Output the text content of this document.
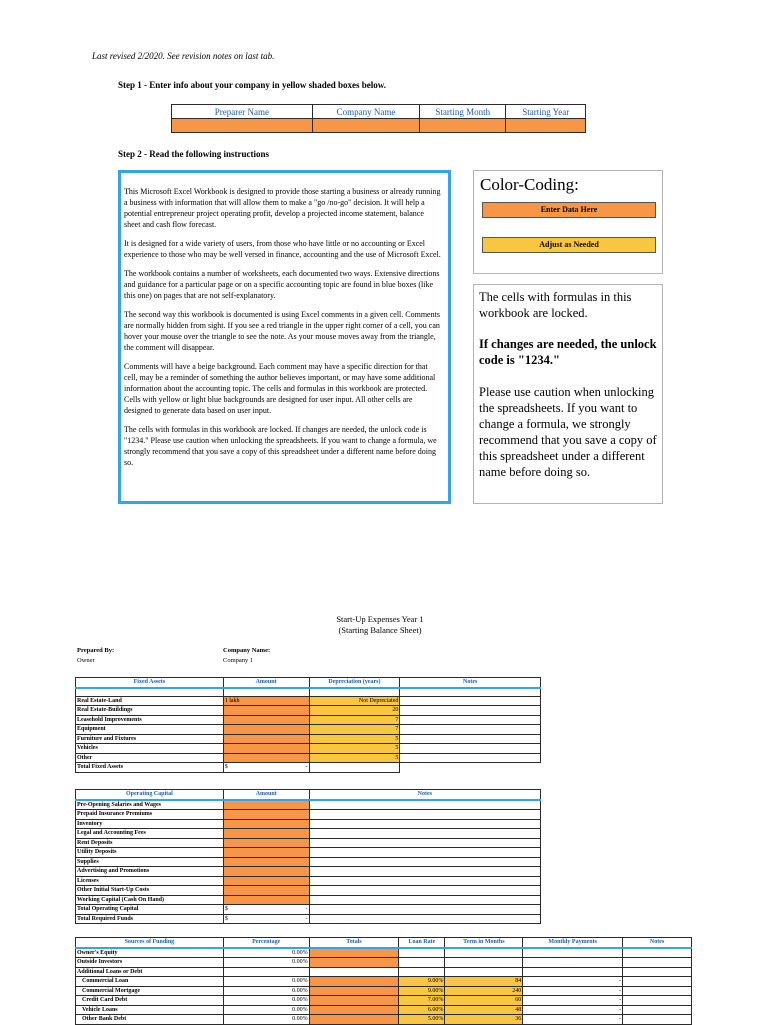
Last revised 2/2020. See revision notes on last tab.
Step 1 - Enter info about your company in yellow shaded boxes below.
Preparer Name	Company Name	Starting Month	Starting Year

Step 2 - Read the following instructions

This Microsoft Excel Workbook is designed to provide those starting a business or already running a business with information that will allow them to make a "go /no-go" decision. It will help a potential entrepreneur project operating profit, develop a projected income statement, balance sheet and cash flow forecast.

It is designed for a wide variety of users, from those who have little or no accounting or Excel experience to those who may be well versed in finance, accounting and the use of Microsoft Excel.

The workbook contains a number of worksheets, each documented two ways. Extensive directions and guidance for a particular page or on a specific accounting topic are found in blue boxes (like this one) on pages that are not self-explanatory.

The second way this workbook is documented is using Excel comments in a given cell. Comments are normally hidden from sight. If you see a red triangle in the upper right corner of a cell, you can hover your mouse over the triangle to see the note. As your mouse moves away from the triangle, the comment will disappear.

Comments will have a beige background. Each comment may have a specific direction for that cell, may be a reminder of something the author believes important, or may have some additional information about the accounting topic. The cells and formulas in this workbook are protected. Cells with yellow or light blue backgrounds are designed for user input. All other cells are designed to generate data based on user input.

The cells with formulas in this workbook are locked. If changes are needed, the unlock code is "1234." Please use caution when unlocking the spreadsheets. If you want to change a formula, we strongly recommend that you save a copy of this spreadsheet under a different name before doing so.

Color-Coding:
Enter Data Here
Adjust as Needed
The cells with formulas in this workbook are locked.
If changes are needed, the unlock code is "1234."
Please use caution when unlocking the spreadsheets. If you want to change a formula, we strongly recommend that you save a copy of this spreadsheet under a different name before doing so.
Start-Up Expenses Year 1
(Starting Balance Sheet)
Prepared By:
Owner
Company Name:
Company 1
Fixed Assets	Amount	Depreciation (years)	Notes

Real Estate-Land	1 lakh	Not Depreciated	
Real Estate-Buildings		20	
Leasehold Improvements		7	
Equipment		7	
Furniture and Fixtures		5	
Vehicles		5	
Other		5	
Total Fixed Assets	$ -		

Operating Capital	Amount	Notes
Pre-Opening Salaries and Wages		
Prepaid Insurance Premiums		
Inventory		
Legal and Accounting Fees		
Rent Deposits		
Utility Deposits		
Supplies		
Advertising and Promotions		
Licenses		
Other Initial Start-Up Costs		
Working Capital (Cash On Hand)		
Total Operating Capital	$ -	

Total Required Funds	$ -	

Sources of Funding	Percentage	Totals	Loan Rate	Term in Months	Monthly Payments	Notes
Owner's Equity	0.00%					
Outside Investors	0.00%					
Additional Loans or Debt						
Commercial Loan	0.00%		9.00%	84	-	
Commercial Mortgage	0.00%		9.00%	240	-	
Credit Card Debt	0.00%		7.00%	60	-	
Vehicle Loans	0.00%		6.00%	48	-	
Other Bank Debt	0.00%		5.00%	36	-	
